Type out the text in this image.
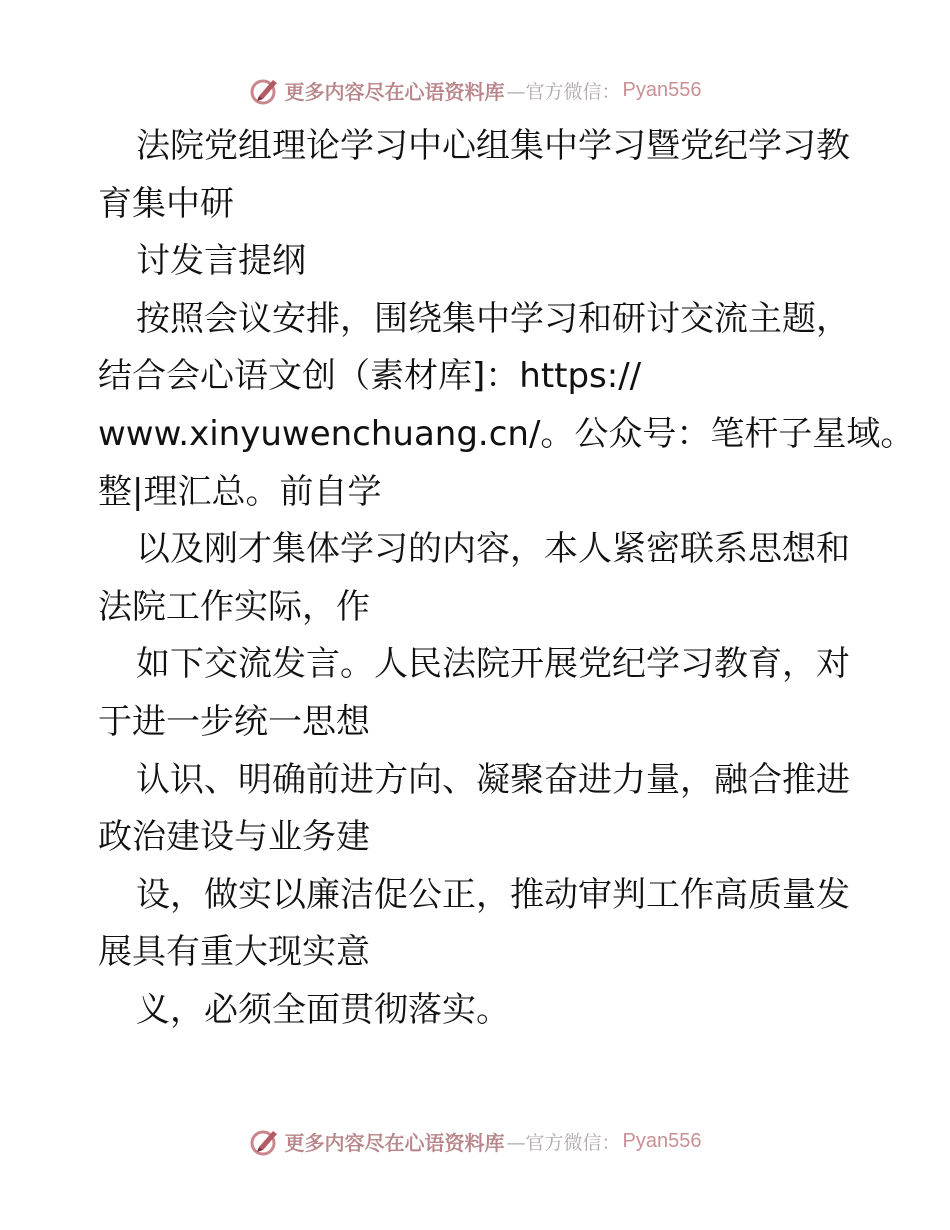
更多内容尽在心语资料库 —官方微信： Pyan556
法院党组理论学习中心组集中学习暨党纪学习教
育集中研
讨发言提纲
按照会议安排，围绕集中学习和研讨交流主题，
结合会心语文创（素材库]：https://
www.xinyuwenchuang.cn/。公众号：笔杆子星域。
整|理汇总。前自学
以及刚才集体学习的内容，本人紧密联系思想和
法院工作实际，作
如下交流发言。人民法院开展党纪学习教育，对
于进一步统一思想
认识、明确前进方向、凝聚奋进力量，融合推进
政治建设与业务建
设，做实以廉洁促公正，推动审判工作高质量发
展具有重大现实意
义，必须全面贯彻落实。
更多内容尽在心语资料库 —官方微信： Pyan556
